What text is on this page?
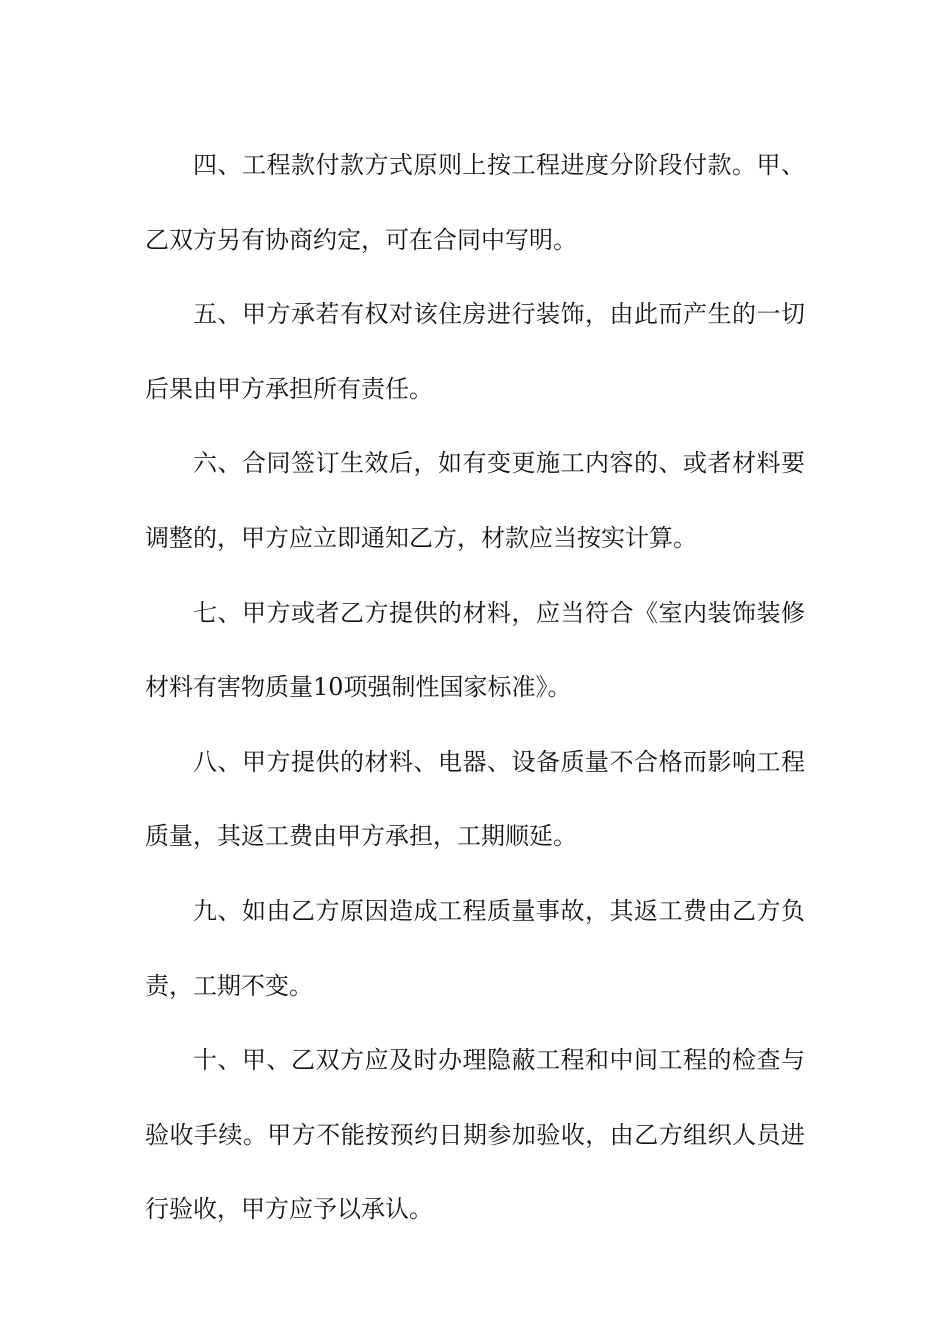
四、工程款付款方式原则上按工程进度分阶段付款。甲、乙双方另有协商约定，可在合同中写明。

五、甲方承若有权对该住房进行装饰，由此而产生的一切后果由甲方承担所有责任。

六、合同签订生效后，如有变更施工内容的、或者材料要调整的，甲方应立即通知乙方，材款应当按实计算。

七、甲方或者乙方提供的材料，应当符合《室内装饰装修材料有害物质量10项强制性国家标准》。

八、甲方提供的材料、电器、设备质量不合格而影响工程质量，其返工费由甲方承担，工期顺延。

九、如由乙方原因造成工程质量事故，其返工费由乙方负责，工期不变。

十、甲、乙双方应及时办理隐蔽工程和中间工程的检查与验收手续。甲方不能按预约日期参加验收，由乙方组织人员进行验收，甲方应予以承认。
